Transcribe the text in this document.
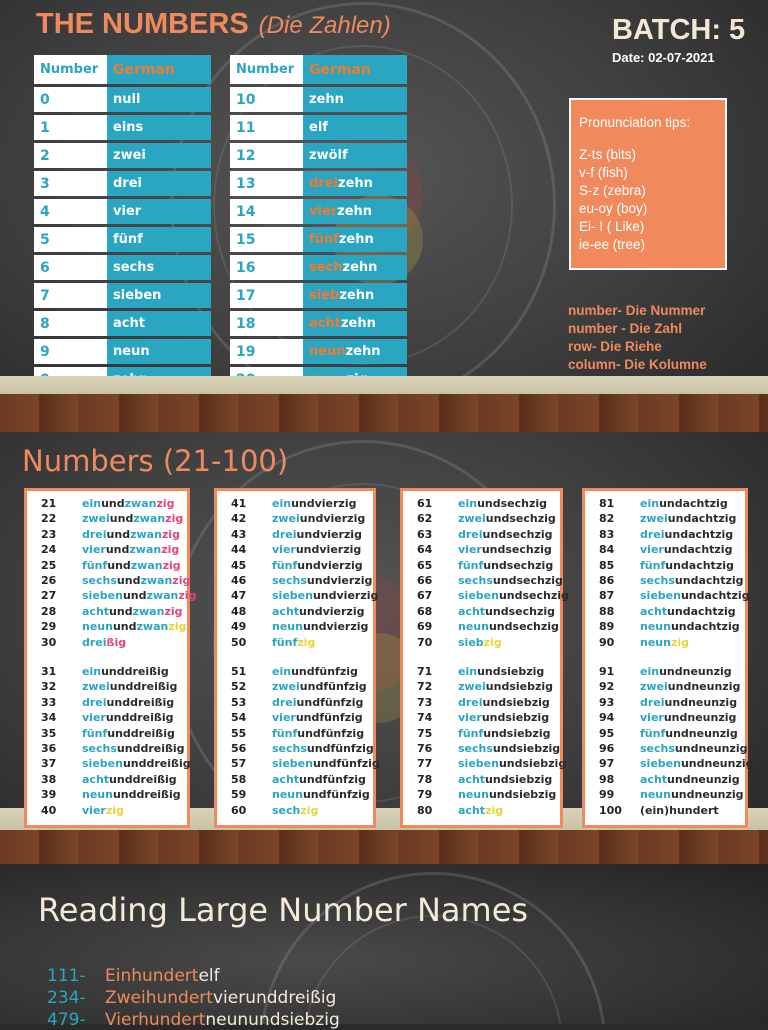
THE NUMBERS (Die Zahlen)	BATCH: 5
Date: 02-07-2021
Number	German
0	null
1	eins
2	zwei
3	drei
4	vier
5	fünf
6	sechs
7	sieben
8	acht
9	neun

Number	German
10	zehn
11	elf
12	zwölf
13	dreizehn
14	vierzehn
15	fünfzehn
16	sechzehn
17	siebzehn
18	achtzehn
19	neunzehn

Pronunciation tips:
Z-ts (bits)
v-f (fish)
S-z (zebra)
eu-oy (boy)
Ei- I ( Like)
ie-ee (tree)
number- Die Nummer
number - Die Zahl
row- Die Riehe
column- Die Kolumne
Numbers (21-100)
21 einundzwanzig
22 zweiundzwanzig
23 dreiundzwanzig
24 vierundzwanzig
25 fünfundzwanzig
26 sechsundzwanzig
27 siebenundzwanzig
28 achtundzwanzig
29 neunundzwanzig
30 dreißig
31 einunddreißig
32 zweiunddreißig
33 dreiunddreißig
34 vierunddreißig
35 fünfunddreißig
36 sechsunddreißig
37 siebenunddreißig
38 achtunddreißig
39 neununddreißig
40 vierzig
41 einundvierzig
42 zweiundvierzig
43 dreiundvierzig
44 vierundvierzig
45 fünfundvierzig
46 sechsundvierzig
47 siebenundvierzig
48 achtundvierzig
49 neunundvierzig
50 fünfzig
51 einundfünfzig
52 zweiundfünfzig
53 dreiundfünfzig
54 vierundfünfzig
55 fünfundfünfzig
56 sechsundfünfzig
57 siebenundfünfzig
58 achtundfünfzig
59 neunundfünfzig
60 sechzig
61 einundsechzig
62 zweiundsechzig
63 dreiundsechzig
64 vierundsechzig
65 fünfundsechzig
66 sechsundsechzig
67 siebenundsechzig
68 achtundsechzig
69 neunundsechzig
70 siebzig
71 einundsiebzig
72 zweiundsiebzig
73 dreiundsiebzig
74 vierundsiebzig
75 fünfundsiebzig
76 sechsundsiebzig
77 siebenundsiebzig
78 achtundsiebzig
79 neunundsiebzig
80 achtzig
81 einundachtzig
82 zweiundachtzig
83 dreiundachtzig
84 vierundachtzig
85 fünfundachtzig
86 sechsundachtzig
87 siebenundachtzig
88 achtundachtzig
89 neunundachtzig
90 neunzig
91 einundneunzig
92 zweiundneunzig
93 dreiundneunzig
94 vierundneunzig
95 fünfundneunzig
96 sechsundneunzig
97 siebenundneunzig
98 achtundneunzig
99 neunundneunzig
100 (ein)hundert
Reading Large Number Names
111- Einhundertelf
234- Zweihundertvierunddreißig
479- Vierhundertneunundsiebzig
